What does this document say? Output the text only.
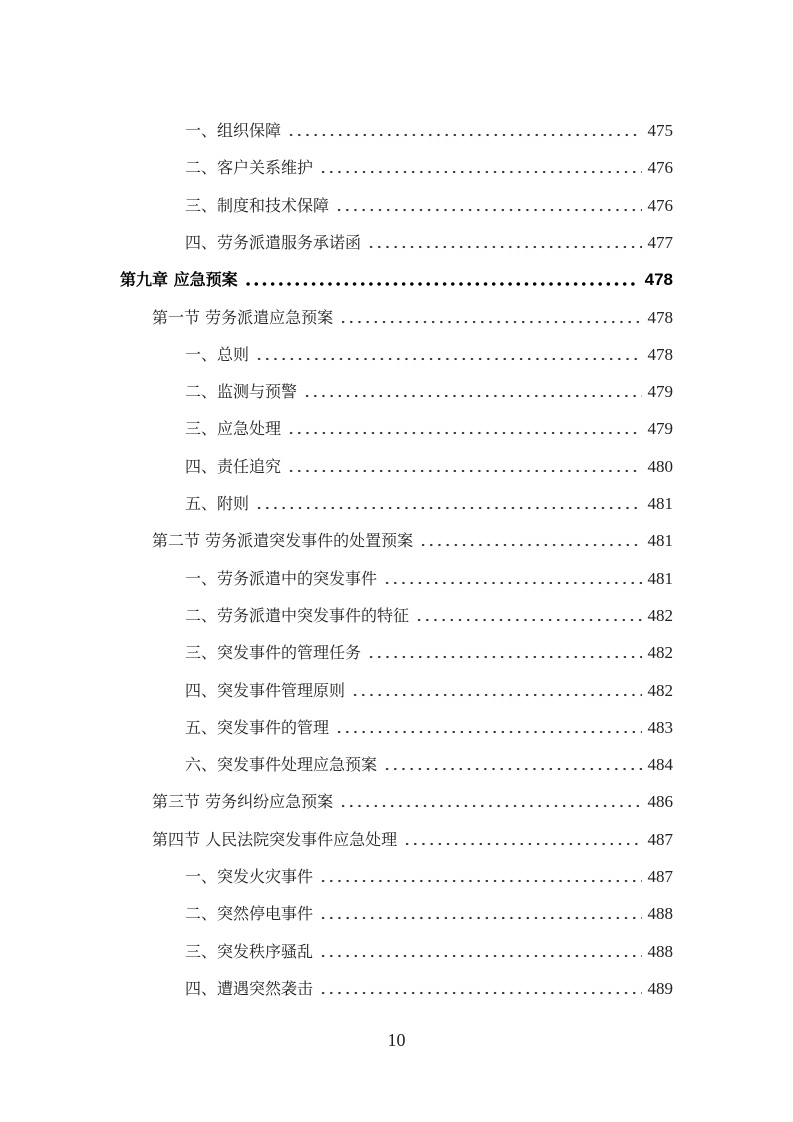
一、组织保障	475
二、客户关系维护	476
三、制度和技术保障	476
四、劳务派遣服务承诺函	477
第九章 应急预案	478
第一节 劳务派遣应急预案	478
一、总则	478
二、监测与预警	479
三、应急处理	479
四、责任追究	480
五、附则	481
第二节 劳务派遣突发事件的处置预案	481
一、劳务派遣中的突发事件	481
二、劳务派遣中突发事件的特征	482
三、突发事件的管理任务	482
四、突发事件管理原则	482
五、突发事件的管理	483
六、突发事件处理应急预案	484
第三节 劳务纠纷应急预案	486
第四节 人民法院突发事件应急处理	487
一、突发火灾事件	487
二、突然停电事件	488
三、突发秩序骚乱	488
四、遭遇突然袭击	489
10
